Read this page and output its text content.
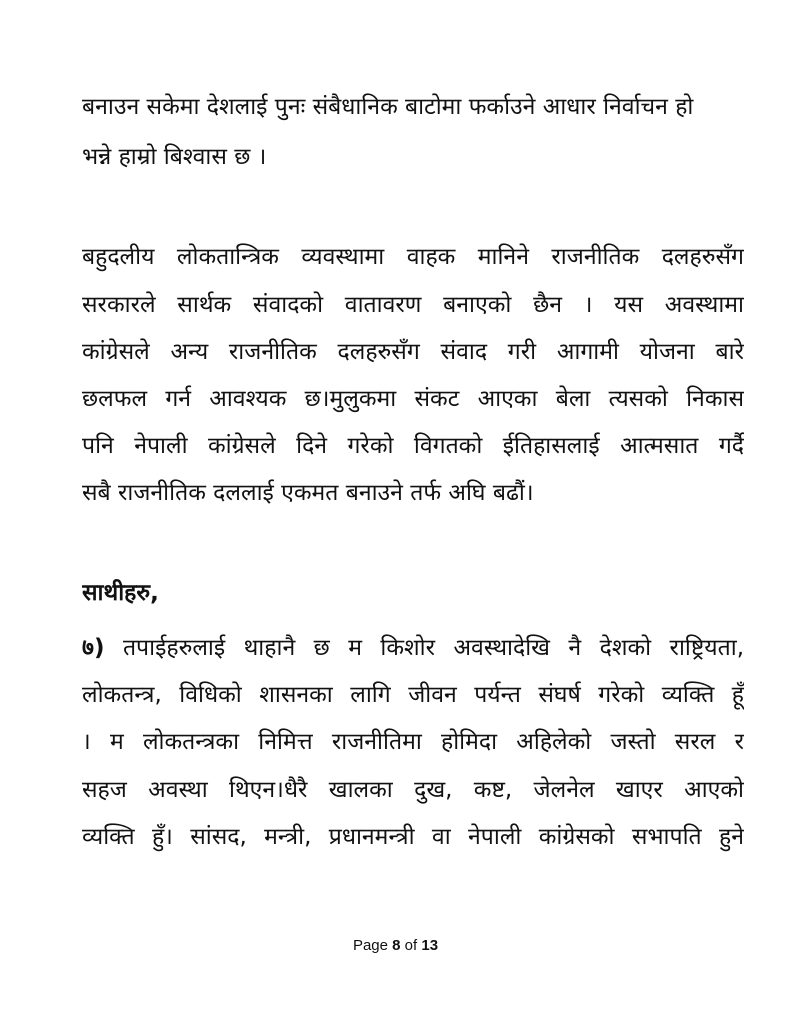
बनाउन सकेमा देशलाई पुनः संबैधानिक बाटोमा फर्काउने आधार निर्वाचन हो
भन्ने हाम्रो बिश्वास छ ।
बहुदलीय लोकतान्त्रिक व्यवस्थामा वाहक मानिने राजनीतिक दलहरुसँग
सरकारले सार्थक संवादको वातावरण बनाएको छैन । यस अवस्थामा
कांग्रेसले अन्य राजनीतिक दलहरुसँग संवाद गरी आगामी योजना बारे
छलफल गर्न आवश्यक छ।मुलुकमा संकट आएका बेला त्यसको निकास
पनि नेपाली कांग्रेसले दिने गरेको विगतको ईतिहासलाई आत्मसात गर्दै
सबै राजनीतिक दललाई एकमत बनाउने तर्फ अघि बढौं।
साथीहरु,
७) तपाईहरुलाई थाहानै छ म किशोर अवस्थादेखि नै देशको राष्ट्रियता,
लोकतन्त्र, विधिको शासनका लागि जीवन पर्यन्त संघर्ष गरेको व्यक्ति हूँ
। म लोकतन्त्रका निमित्त राजनीतिमा होमिदा अहिलेको जस्तो सरल र
सहज अवस्था थिएन।धैरै खालका दुख, कष्ट, जेलनेल खाएर आएको
व्यक्ति हुँ। सांसद, मन्त्री, प्रधानमन्त्री वा नेपाली कांग्रेसको सभापति हुने
Page 8 of 13
